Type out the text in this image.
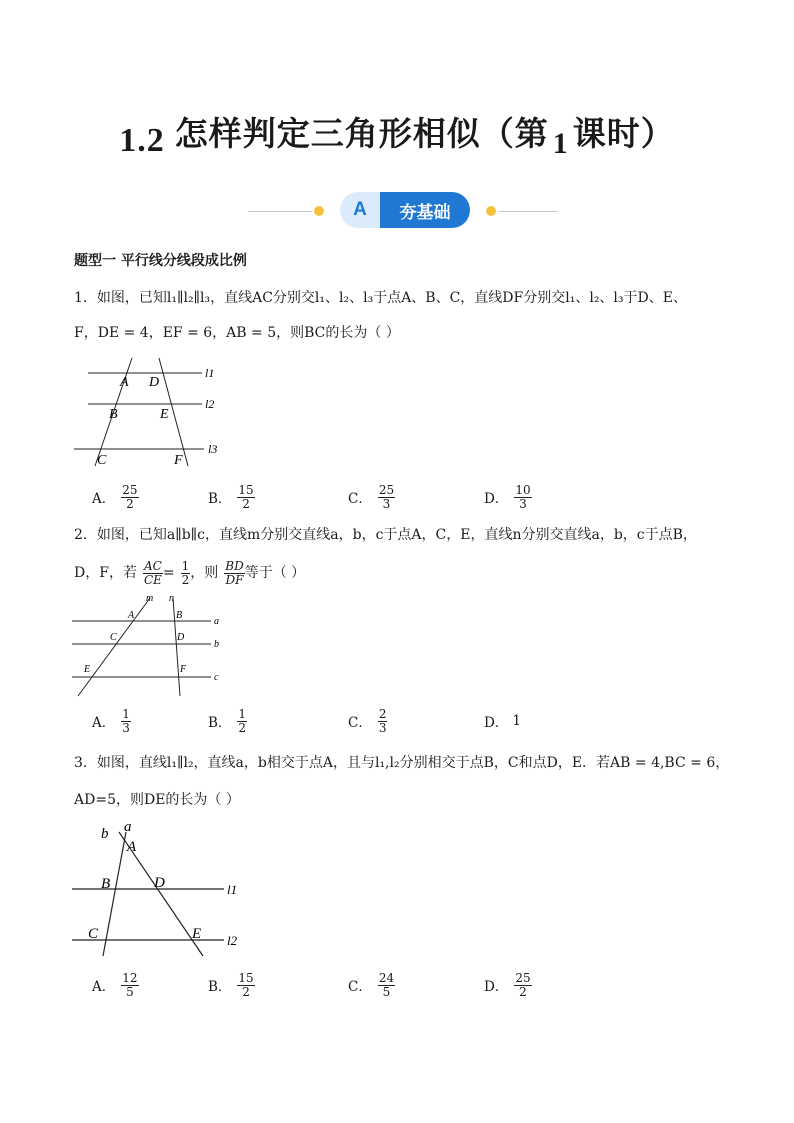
1.2 怎样判定三角形相似（第 1 课时）
A	夯基础
题型一 平行线分线段成比例
1．如图，已知l₁∥l₂∥l₃，直线AC分别交l₁、l₂、l₃于点A、B、C，直线DF分别交l₁、l₂、l₃于D、E、
F，DE = 4，EF = 6，AB = 5，则BC的长为（ ）
A D
B	E
C	F
l1
l2
l3
A． $\frac{25}{2}$	B． $\frac{15}{2}$	C． $\frac{25}{3}$	D． $\frac{10}{3}$
2．如图，已知a∥b∥c，直线m分别交直线a，b，c于点A，C，E，直线n分别交直线a，b，c于点B，
D，F，若 $\frac{AC}{CE} = \frac{1}{2}$ ，则 $\frac{BD}{DF}$ 等于（ ）
m n
A	B
a
C	D
b
E	F
c
A． $\frac{1}{3}$	B． $\frac{1}{2}$	C． $\frac{2}{3}$	D． 1
3．如图，直线l₁∥l₂，直线a，b相交于点A，且与l₁,l₂分别相交于点B，C和点D，E．若AB = 4,BC = 6，
AD=5，则DE的长为（ ）
b a
A
B	D	l1
C	E l2
A． $\frac{12}{5}$	B． $\frac{15}{2}$	C． $\frac{24}{5}$	D． $\frac{25}{2}$
